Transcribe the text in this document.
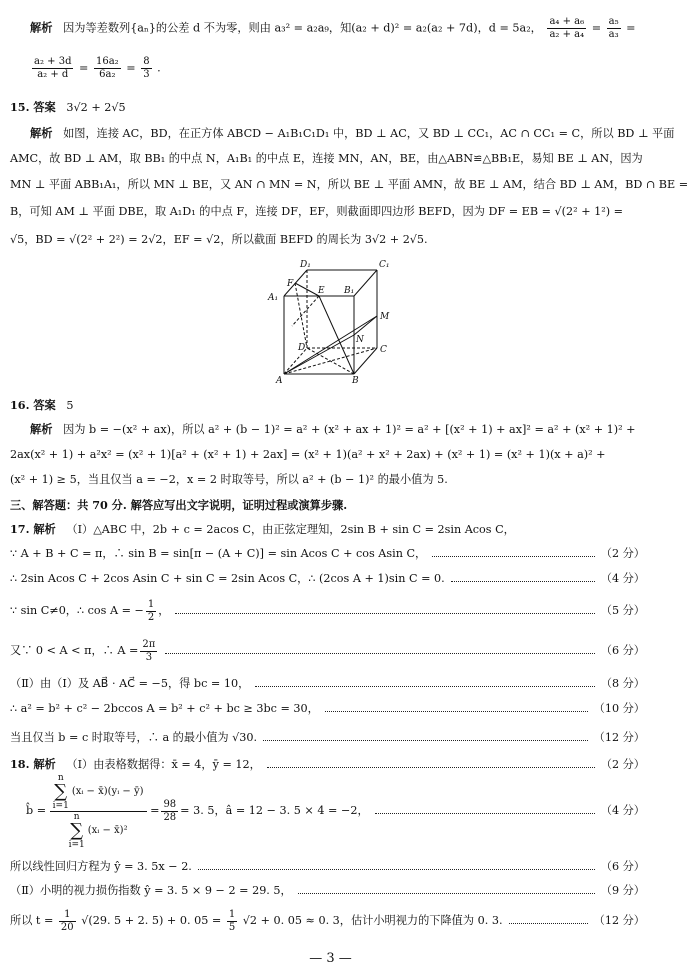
解析 因为等差数列{aₙ}的公差 d 不为零，则由 a₃² = a₂a₉，知(a₂ + d)² = a₂(a₂ + 7d)，d = 5a₂， $\frac{\text{a₄ + a₆}}{\text{a₂ + a₄}} = \frac{\text{a₅}}{\text{a₃}}$ =
$\frac{\text{a₂ + 3d}}{\text{a₂ + d}} = \frac{\text{16a₂}}{\text{6a₂}} = \frac{8}{3}$ .
15. 答案 3√2 + 2√5
解析 如图，连接 AC，BD，在正方体 ABCD − A₁B₁C₁D₁ 中，BD ⊥ AC，又 BD ⊥ CC₁，AC ∩ CC₁ = C，所以 BD ⊥ 平面
AMC，故 BD ⊥ AM，取 BB₁ 的中点 N，A₁B₁ 的中点 E，连接 MN，AN，BE，由△ABN≌△BB₁E，易知 BE ⊥ AN，因为
MN ⊥ 平面 ABB₁A₁，所以 MN ⊥ BE，又 AN ∩ MN = N，所以 BE ⊥ 平面 AMN，故 BE ⊥ AM，结合 BD ⊥ AM，BD ∩ BE =
B，可知 AM ⊥ 平面 DBE，取 A₁D₁ 的中点 F，连接 DF，EF，则截面即四边形 BEFD，因为 DF = EB = √(2² + 1²) =
√5，BD = √(2² + 2²) = 2√2，EF = √2，所以截面 BEFD 的周长为 3√2 + 2√5.
D₁	C₁
A₁
F
E B₁
M
D
N
C
A	B
16. 答案 5
解析 因为 b = −(x² + ax)，所以 a² + (b − 1)² = a² + (x² + ax + 1)² = a² + [(x² + 1) + ax]² = a² + (x² + 1)² +
2ax(x² + 1) + a²x² = (x² + 1)[a² + (x² + 1) + 2ax] = (x² + 1)(a² + x² + 2ax) + (x² + 1) = (x² + 1)(x + a)² +
(x² + 1) ≥ 5，当且仅当 a = −2，x = 2 时取等号，所以 a² + (b − 1)² 的最小值为 5.
三、解答题：共 70 分. 解答应写出文字说明，证明过程或演算步骤.
17. 解析 （Ⅰ）△ABC 中，2b + c = 2acos C，由正弦定理知，2sin B + sin C = 2sin Acos C，
∵ A + B + C = π，∴ sin B = sin[π − (A + C)] = sin Acos C + cos Asin C，	（2 分）
∴ 2sin Acos C + 2cos Asin C + sin C = 2sin Acos C，∴ (2cos A + 1)sin C = 0.	（4 分）
∵ sin C≠0，∴ cos A = − $\frac{1}{2}$ ，	（5 分）
又∵ 0 < A < π，∴ $A = \frac{2\pi}{3}$	（6 分）
（Ⅱ）由（Ⅰ）及 AB⃗ · AC⃗ = −5，得 bc = 10，	（8 分）
∴ a² = b² + c² − 2bccos A = b² + c² + bc ≥ 3bc = 30，	（10 分）
当且仅当 b = c 时取等号，∴ a 的最小值为 √30.	（12 分）
18. 解析 （Ⅰ）由表格数据得：x̄ = 4，ȳ = 12，	（2 分）
b̂ =
n
∑
i=1
(xᵢ − x̄)(yᵢ − ȳ)
n
∑
i=1
(xᵢ − x̄)²
= $\frac{98}{28} = 3$. 5，â = 12 − 3. 5 × 4 = −2，	（4 分）
所以线性回归方程为 ŷ = 3. 5x − 2.	（6 分）
（Ⅱ）小明的视力损伤指数 ŷ = 3. 5 × 9 − 2 = 29. 5，	（9 分）
所以 $t = \frac{1}{20} √(29$. 5 + 2. 5) + 0. $05 = \frac{1}{5} √2 + 0$. 05 ≈ 0. 3，估计小明视力的下降值为 0. 3.	（12 分）
— 3 —
